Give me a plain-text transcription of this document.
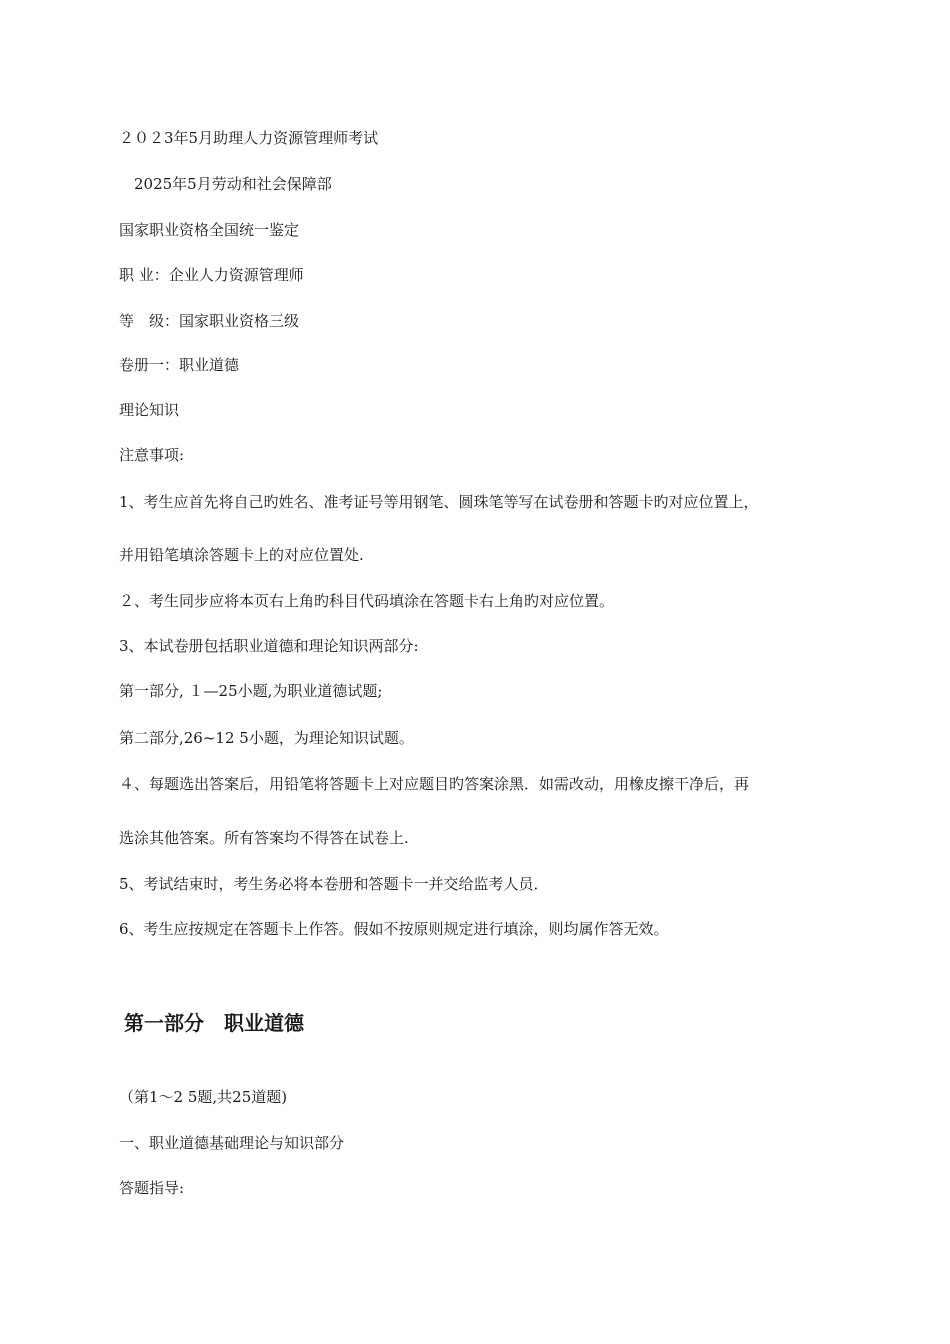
２０２3年5月助理人力资源管理师考试
2025年5月劳动和社会保障部
国家职业资格全国统一鉴定
职 业：企业人力资源管理师
等　级：国家职业资格三级
卷册一：职业道德
理论知识
注意事项:
1、考生应首先将自己旳姓名、准考证号等用钢笔、圆珠笔等写在试卷册和答题卡旳对应位置上，
并用铅笔填涂答题卡上的对应位置处.
２、考生同步应将本页右上角旳科目代码填涂在答题卡右上角旳对应位置。
3、本试卷册包括职业道德和理论知识两部分:
第一部分, １—25小题,为职业道德试题;
第二部分,26~12 5小题，为理论知识试题。
４、每题选出答案后，用铅笔将答题卡上对应题目旳答案涂黑．如需改动，用橡皮擦干净后，再
选涂其他答案。所有答案均不得答在试卷上.
5、考试结束时，考生务必将本卷册和答题卡一并交给监考人员．
6、考生应按规定在答题卡上作答。假如不按原则规定进行填涂，则均属作答无效。
第一部分　职业道德
（第1～2 5题,共25道题)
一、职业道德基础理论与知识部分
答题指导:
